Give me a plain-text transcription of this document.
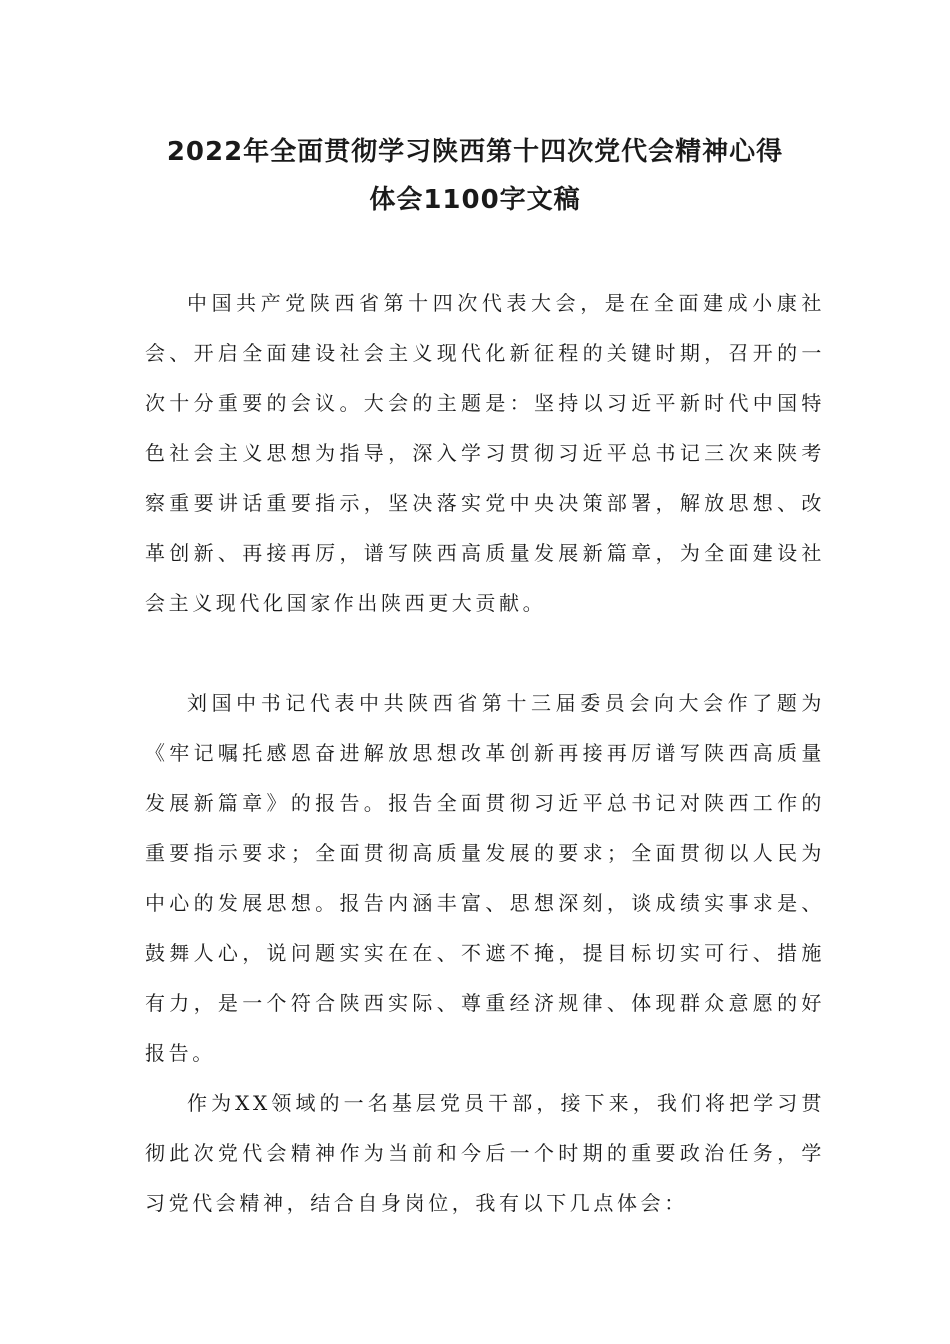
2022年全面贯彻学习陕西第十四次党代会精神心得
体会1100字文稿

中国共产党陕西省第十四次代表大会，是在全面建成小康社会、开启全面建设社会主义现代化新征程的关键时期，召开的一次十分重要的会议。大会的主题是：坚持以习近平新时代中国特色社会主义思想为指导，深入学习贯彻习近平总书记三次来陕考察重要讲话重要指示，坚决落实党中央决策部署，解放思想、改革创新、再接再厉，谱写陕西高质量发展新篇章，为全面建设社会主义现代化国家作出陕西更大贡献。

刘国中书记代表中共陕西省第十三届委员会向大会作了题为《牢记嘱托感恩奋进解放思想改革创新再接再厉谱写陕西高质量发展新篇章》的报告。报告全面贯彻习近平总书记对陕西工作的重要指示要求；全面贯彻高质量发展的要求；全面贯彻以人民为中心的发展思想。报告内涵丰富、思想深刻，谈成绩实事求是、鼓舞人心，说问题实实在在、不遮不掩，提目标切实可行、措施有力，是一个符合陕西实际、尊重经济规律、体现群众意愿的好报告。

作为XX领域的一名基层党员干部，接下来，我们将把学习贯彻此次党代会精神作为当前和今后一个时期的重要政治任务，学习党代会精神，结合自身岗位，我有以下几点体会：
